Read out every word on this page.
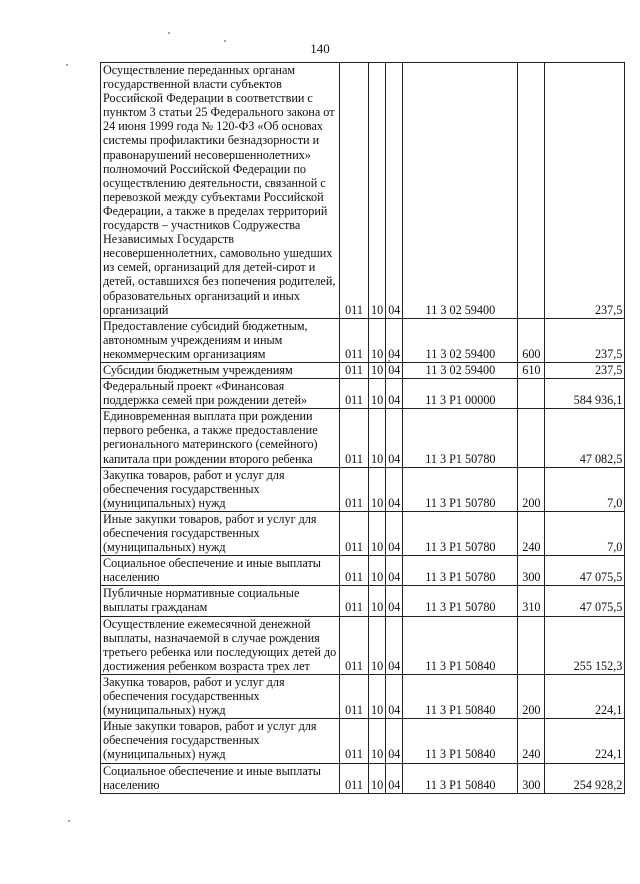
140
Осуществление переданных органам государственной власти субъектов Российской Федерации в соответствии с пунктом 3 статьи 25 Федерального закона от 24 июня 1999 года № 120-ФЗ «Об основах системы профилактики безнадзорности и правонарушений несовершеннолетних» полномочий Российской Федерации по осуществлению деятельности, связанной с перевозкой между субъектами Российской Федерации, а также в пределах территорий государств – участников Содружества Независимых Государств несовершеннолетних, самовольно ушедших из семей, организаций для детей-сирот и детей, оставшихся без попечения родителей, образовательных организаций и иных организаций	011	10	04	11 3 02 59400		237,5
Предоставление субсидий бюджетным, автономным учреждениям и иным некоммерческим организациям	011	10	04	11 3 02 59400	600	237,5
Субсидии бюджетным учреждениям	011	10	04	11 3 02 59400	610	237,5
Федеральный проект «Финансовая поддержка семей при рождении детей»	011	10	04	11 3 P1 00000		584 936,1
Единовременная выплата при рождении первого ребенка, а также предоставление регионального материнского (семейного) капитала при рождении второго ребенка	011	10	04	11 3 P1 50780		47 082,5
Закупка товаров, работ и услуг для обеспечения государственных (муниципальных) нужд	011	10	04	11 3 P1 50780	200	7,0
Иные закупки товаров, работ и услуг для обеспечения государственных (муниципальных) нужд	011	10	04	11 3 P1 50780	240	7,0
Социальное обеспечение и иные выплаты населению	011	10	04	11 3 P1 50780	300	47 075,5
Публичные нормативные социальные выплаты гражданам	011	10	04	11 3 P1 50780	310	47 075,5
Осуществление ежемесячной денежной выплаты, назначаемой в случае рождения третьего ребенка или последующих детей до достижения ребенком возраста трех лет	011	10	04	11 3 P1 50840		255 152,3
Закупка товаров, работ и услуг для обеспечения государственных (муниципальных) нужд	011	10	04	11 3 P1 50840	200	224,1
Иные закупки товаров, работ и услуг для обеспечения государственных (муниципальных) нужд	011	10	04	11 3 P1 50840	240	224,1
Социальное обеспечение и иные выплаты населению	011	10	04	11 3 P1 50840	300	254 928,2
